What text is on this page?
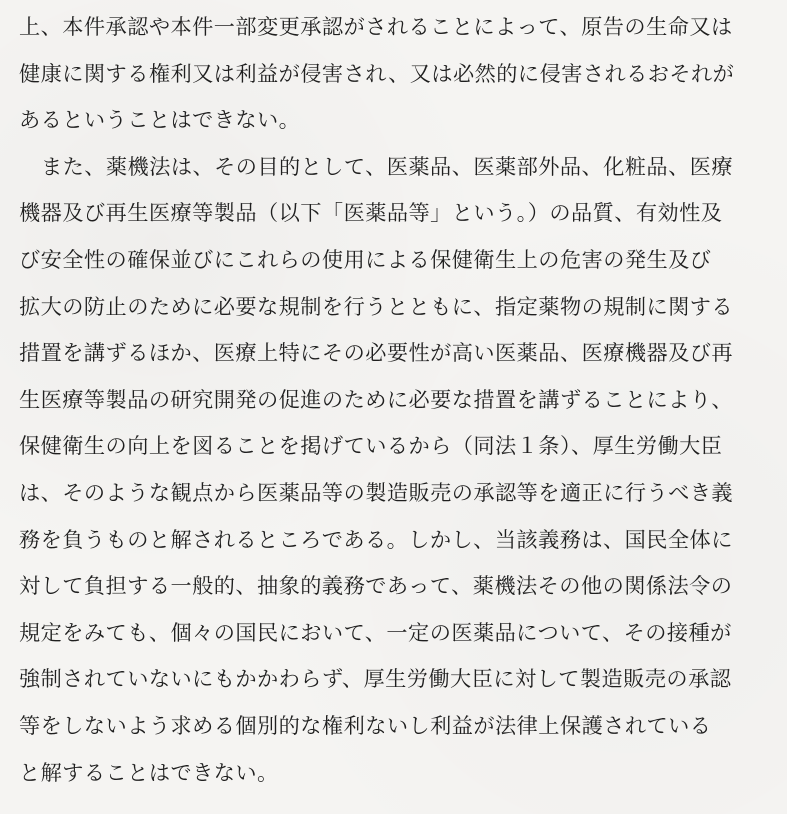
上、本件承認や本件一部変更承認がされることによって、原告の生命又は
健康に関する権利又は利益が侵害され、又は必然的に侵害されるおそれが
あるということはできない。
また、薬機法は、その目的として、医薬品、医薬部外品、化粧品、医療
機器及び再生医療等製品（以下「医薬品等」という。）の品質、有効性及
び安全性の確保並びにこれらの使用による保健衛生上の危害の発生及び
拡大の防止のために必要な規制を行うとともに、指定薬物の規制に関する
措置を講ずるほか、医療上特にその必要性が高い医薬品、医療機器及び再
生医療等製品の研究開発の促進のために必要な措置を講ずることにより、
保健衛生の向上を図ることを掲げているから（同法１条）、厚生労働大臣
は、そのような観点から医薬品等の製造販売の承認等を適正に行うべき義
務を負うものと解されるところである。しかし、当該義務は、国民全体に
対して負担する一般的、抽象的義務であって、薬機法その他の関係法令の
規定をみても、個々の国民において、一定の医薬品について、その接種が
強制されていないにもかかわらず、厚生労働大臣に対して製造販売の承認
等をしないよう求める個別的な権利ないし利益が法律上保護されている
と解することはできない。
